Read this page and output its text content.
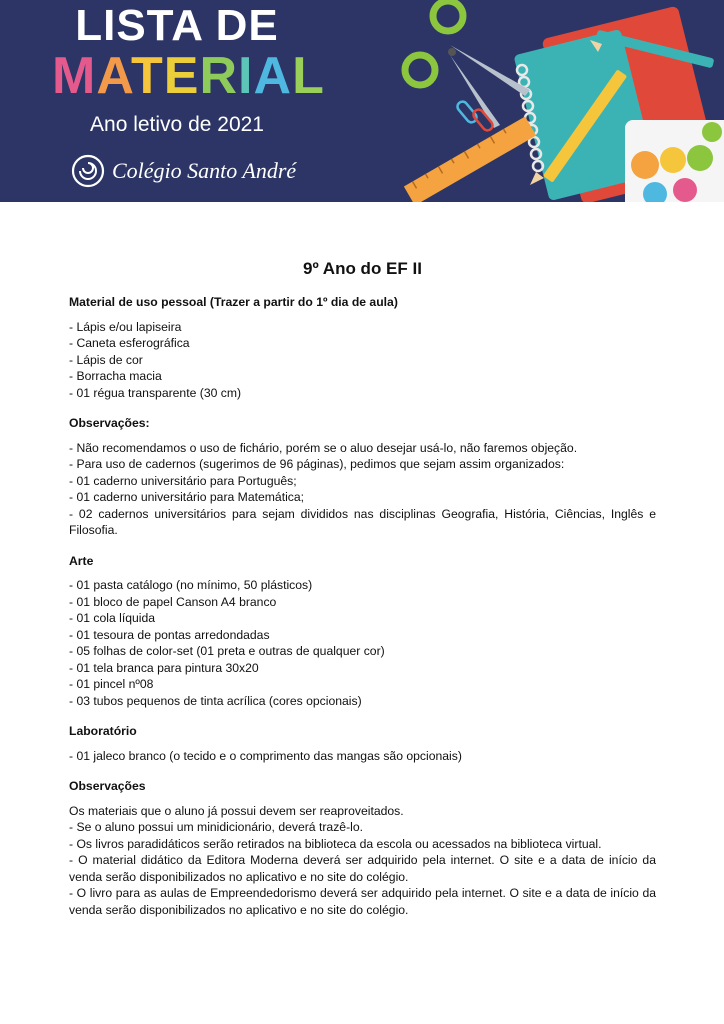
LISTA DE
MATERIAL
Ano letivo de 2021
Colégio Santo André
9º Ano do EF II
Material de uso pessoal (Trazer a partir do 1º dia de aula)
- Lápis e/ou lapiseira
- Caneta esferográfica
- Lápis de cor
- Borracha macia
- 01 régua transparente (30 cm)
Observações:
- Não recomendamos o uso de fichário, porém se o aluo desejar usá-lo, não faremos objeção.
- Para uso de cadernos (sugerimos de 96 páginas), pedimos que sejam assim organizados:
- 01 caderno universitário para Português;
- 01 caderno universitário para Matemática;
- 02 cadernos universitários para sejam divididos nas disciplinas Geografia, História, Ciências, Inglês e Filosofia.
Arte
- 01 pasta catálogo (no mínimo, 50 plásticos)
- 01 bloco de papel Canson A4 branco
- 01 cola líquida
- 01 tesoura de pontas arredondadas
- 05 folhas de color-set (01 preta e outras de qualquer cor)
- 01 tela branca para pintura 30x20
- 01 pincel nº08
- 03 tubos pequenos de tinta acrílica (cores opcionais)
Laboratório
- 01 jaleco branco (o tecido e o comprimento das mangas são opcionais)
Observações
Os materiais que o aluno já possui devem ser reaproveitados.
- Se o aluno possui um minidicionário, deverá trazê-lo.
- Os livros paradidáticos serão retirados na biblioteca da escola ou acessados na biblioteca virtual.
- O material didático da Editora Moderna deverá ser adquirido pela internet. O site e a data de início da venda serão disponibilizados no aplicativo e no site do colégio.
- O livro para as aulas de Empreendedorismo deverá ser adquirido pela internet. O site e a data de início da venda serão disponibilizados no aplicativo e no site do colégio.
